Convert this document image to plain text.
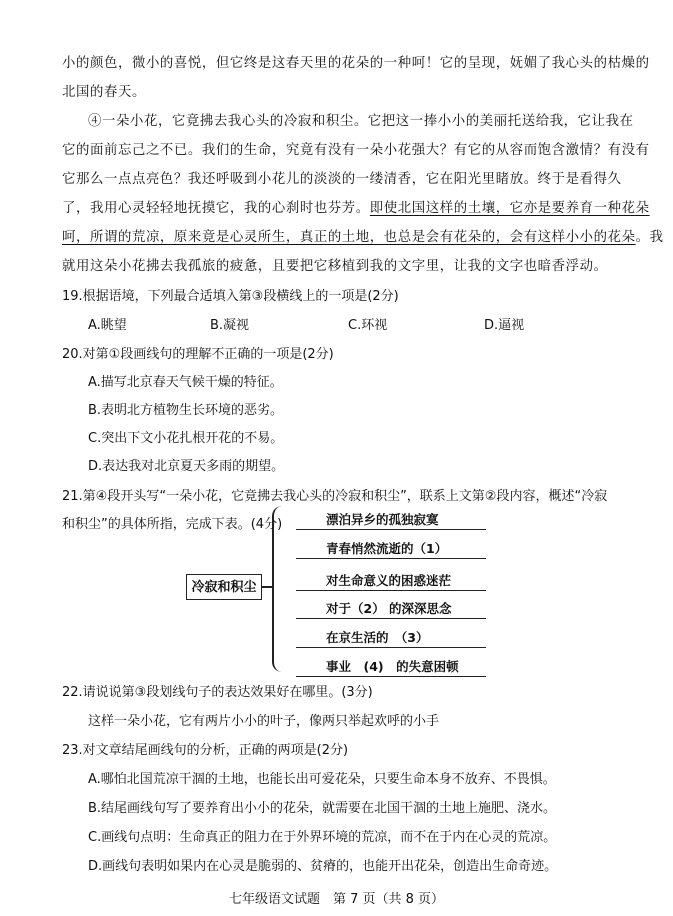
小的颜色，微小的喜悦，但它终是这春天里的花朵的一种呵！它的呈现，妩媚了我心头的枯燥的
北国的春天。
④一朵小花，它竟拂去我心头的冷寂和积尘。它把这一捧小小的美丽托送给我，它让我在
它的面前忘己之不已。我们的生命，究竟有没有一朵小花强大？有它的从容而饱含激情？有没有
它那么一点点亮色？我还呼吸到小花儿的淡淡的一缕清香，它在阳光里睹放。终于是看得久
了，我用心灵轻轻地抚摸它，我的心刹时也芬芳。即使北国这样的土壤，它亦是要养育一种花朵
呵，所谓的荒凉，原来竟是心灵所生，真正的土地，也总是会有花朵的，会有这样小小的花朵。我
就用这朵小花拂去我孤旅的疲惫，且要把它移植到我的文字里，让我的文字也暗香浮动。
19.根据语境，下列最合适填入第③段横线上的一项是(2分)
A.眺望	B.凝视	C.环视	D.逼视
20.对第①段画线句的理解不正确的一项是(2分)
A.描写北京春天气候干燥的特征。
B.表明北方植物生长环境的恶劣。
C.突出下文小花扎根开花的不易。
D.表达我对北京夏天多雨的期望。
21.第④段开头写“一朵小花，它竟拂去我心头的冷寂和积尘”，联系上文第②段内容，概述“冷寂
和积尘”的具体所指，完成下表。(4分)
冷寂和积尘
漂泊异乡的孤独寂寞
青春悄然流逝的（1）
对生命意义的困惑迷茫
对于（2） 的深深思念
在京生活的　（3）
事业　(4)　的失意困顿
22.请说说第③段划线句子的表达效果好在哪里。(3分)
这样一朵小花，它有两片小小的叶子，像两只举起欢呼的小手
23.对文章结尾画线句的分析，正确的两项是(2分)
A.哪怕北国荒凉干涸的土地，也能长出可爱花朵，只要生命本身不放弃、不畏惧。
B.结尾画线句写了要养育出小小的花朵，就需要在北国干涸的土地上施肥、浇水。
C.画线句点明：生命真正的阻力在于外界环境的荒凉，而不在于内在心灵的荒凉。
D.画线句表明如果内在心灵是脆弱的、贫瘠的，也能开出花朵，创造出生命奇迹。
七年级语文试题　第 7 页（共 8 页）
